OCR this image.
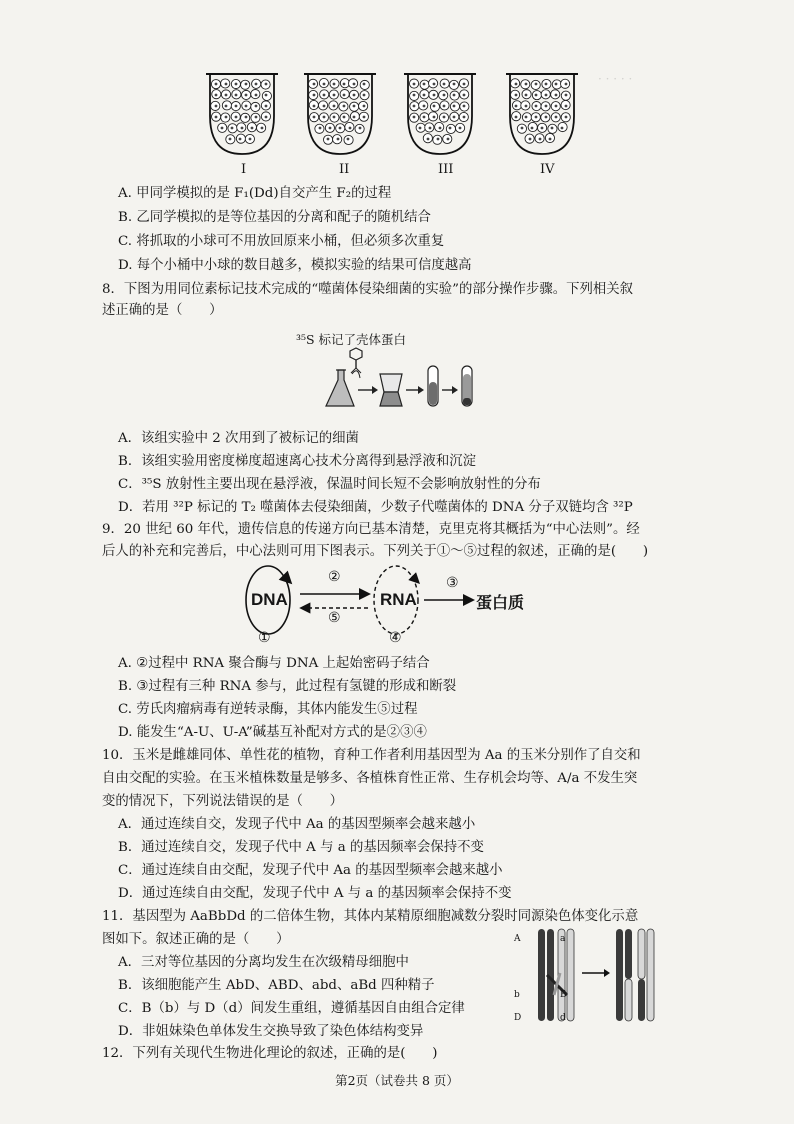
· · · · ·
I	II	III	IV
A. 甲同学模拟的是 F₁(Dd)自交产生 F₂的过程
B. 乙同学模拟的是等位基因的分离和配子的随机结合
C. 将抓取的小球可不用放回原来小桶，但必须多次重复
D. 每个小桶中小球的数目越多，模拟实验的结果可信度越高
8．下图为用同位素标记技术完成的“噬菌体侵染细菌的实验”的部分操作步骤。下列相关叙
述正确的是（　　）
³⁵S 标记了壳体蛋白
A．该组实验中 2 次用到了被标记的细菌
B．该组实验用密度梯度超速离心技术分离得到悬浮液和沉淀
C．³⁵S 放射性主要出现在悬浮液，保温时间长短不会影响放射性的分布
D．若用 ³²P 标记的 T₂ 噬菌体去侵染细菌，少数子代噬菌体的 DNA 分子双链均含 ³²P
9．20 世纪 60 年代，遗传信息的传递方向已基本清楚，克里克将其概括为“中心法则”。经
后人的补充和完善后，中心法则可用下图表示。下列关于①～⑤过程的叙述，正确的是(　　)
DNA	RNA	蛋白质
①
②	③
④
⑤
A. ②过程中 RNA 聚合酶与 DNA 上起始密码子结合
B. ③过程有三种 RNA 参与，此过程有氢键的形成和断裂
C. 劳氏肉瘤病毒有逆转录酶，其体内能发生⑤过程
D. 能发生“A-U、U-A”碱基互补配对方式的是②③④
10．玉米是雌雄同体、单性花的植物，育种工作者利用基因型为 Aa 的玉米分别作了自交和
自由交配的实验。在玉米植株数量是够多、各植株育性正常、生存机会均等、A/a 不发生突
变的情况下，下列说法错误的是（　　）
A．通过连续自交，发现子代中 Aa 的基因型频率会越来越小
B．通过连续自交，发现子代中 A 与 a 的基因频率会保持不变
C．通过连续自由交配，发现子代中 Aa 的基因型频率会越来越小
D．通过连续自由交配，发现子代中 A 与 a 的基因频率会保持不变
11．基因型为 AaBbDd 的二倍体生物，其体内某精原细胞减数分裂时同源染色体变化示意
图如下。叙述正确的是（　　）
A．三对等位基因的分离均发生在次级精母细胞中
B．该细胞能产生 AbD、ABD、abd、aBd 四种精子
C．B（b）与 D（d）间发生重组，遵循基因自由组合定律
D．非姐妹染色单体发生交换导致了染色体结构变异
A	a
b
D
B
d
12．下列有关现代生物进化理论的叙述，正确的是(　　)
第2页（试卷共 8 页）
